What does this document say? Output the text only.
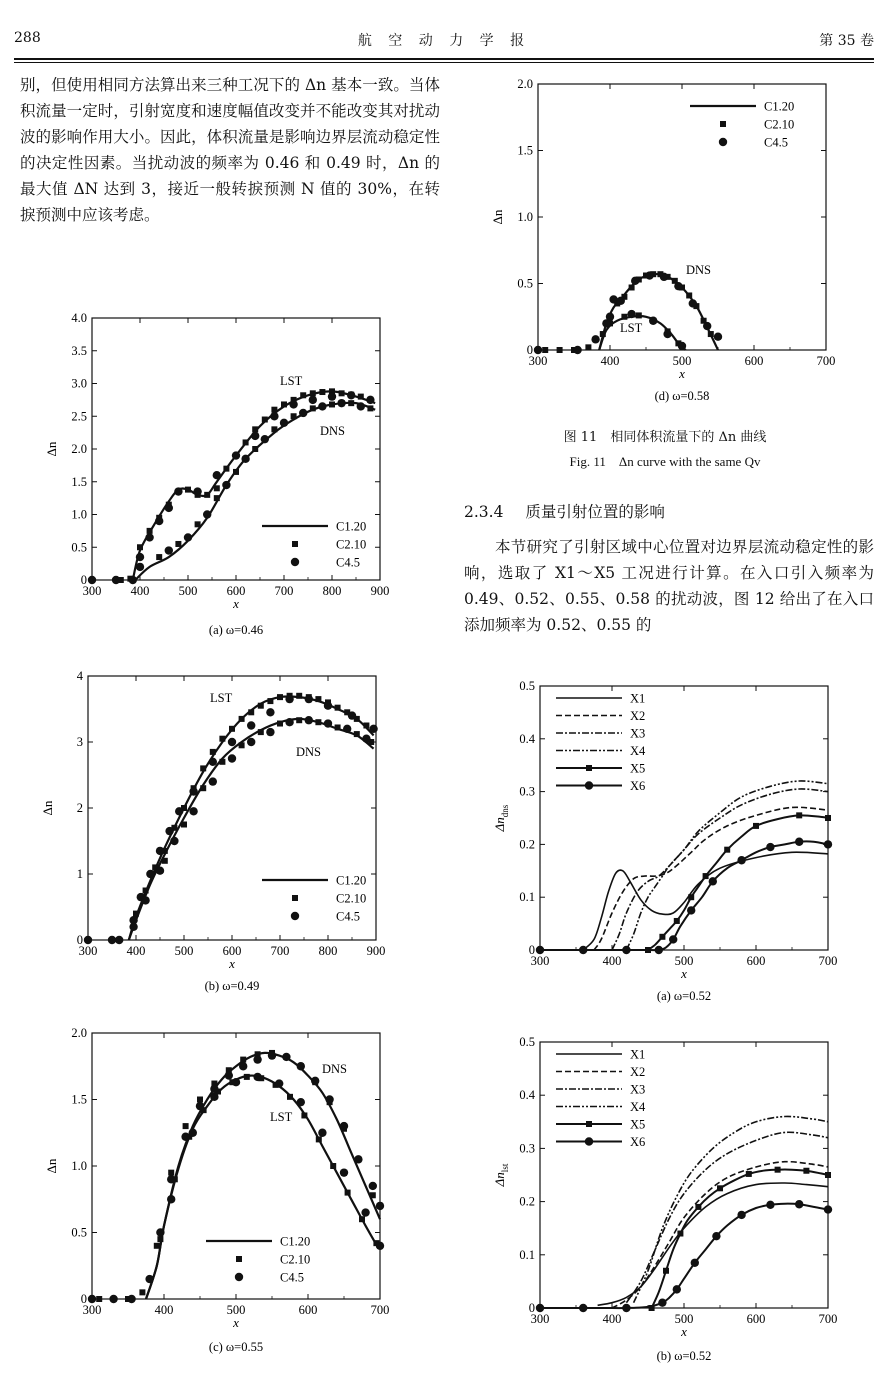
288	航 空 动 力 学 报	第 35 卷

别，但使用相同方法算出来三种工况下的 Δn 基本一致。当体积流量一定时，引射宽度和速度幅值改变并不能改变其对扰动波的影响作用大小。因此，体积流量是影响边界层流动稳定性的决定性因素。当扰动波的频率为 0.46 和 0.49 时，Δn 的最大值 ΔN 达到 3，接近一般转捩预测 N 值的 30%，在转捩预测中应该考虑。

300 400 500 600 700 800 900
0
0.5
1.0
1.5
2.0
2.5
3.0
3.5
4.0
x
Δn
C1.20
C2.10
C4.5
LST
DNS
(a) ω=0.46
300 400 500 600 700 800 900
0
1
2
3
4
x
Δn
C1.20
C2.10
C4.5
LST
DNS
(b) ω=0.49
300	400	500	600	700
0
0.5
1.0
1.5
2.0
x
Δn
C1.20
C2.10
C4.5
DNS
LST
(c) ω=0.55
300	400	500	600	700
0
0.5
1.0
1.5
2.0
x
Δn
C1.20
C2.10
C4.5
DNS
LST
(d) ω=0.58
300	400	500	600	700
0
0.1
0.2
0.3
0.4
0.5
x
$\Delta n_{dns}$
X1
X2
X3
X4
X5
X6
(a) ω=0.52
300	400	500	600	700
0
0.1
0.2
0.3
0.4
0.5
x
$\Delta n_{lst}$
X1
X2
X3
X4
X5
X6
(b) ω=0.52
图 11　相同体积流量下的 Δn 曲线
Fig. 11　Δn curve with the same Qv
2.3.4 质量引射位置的影响

本节研究了引射区域中心位置对边界层流动稳定性的影响，选取了 X1～X5 工况进行计算。在入口引入频率为 0.49、0.52、0.55、0.58 的扰动波，图 12 给出了在入口添加频率为 0.52、0.55 的
